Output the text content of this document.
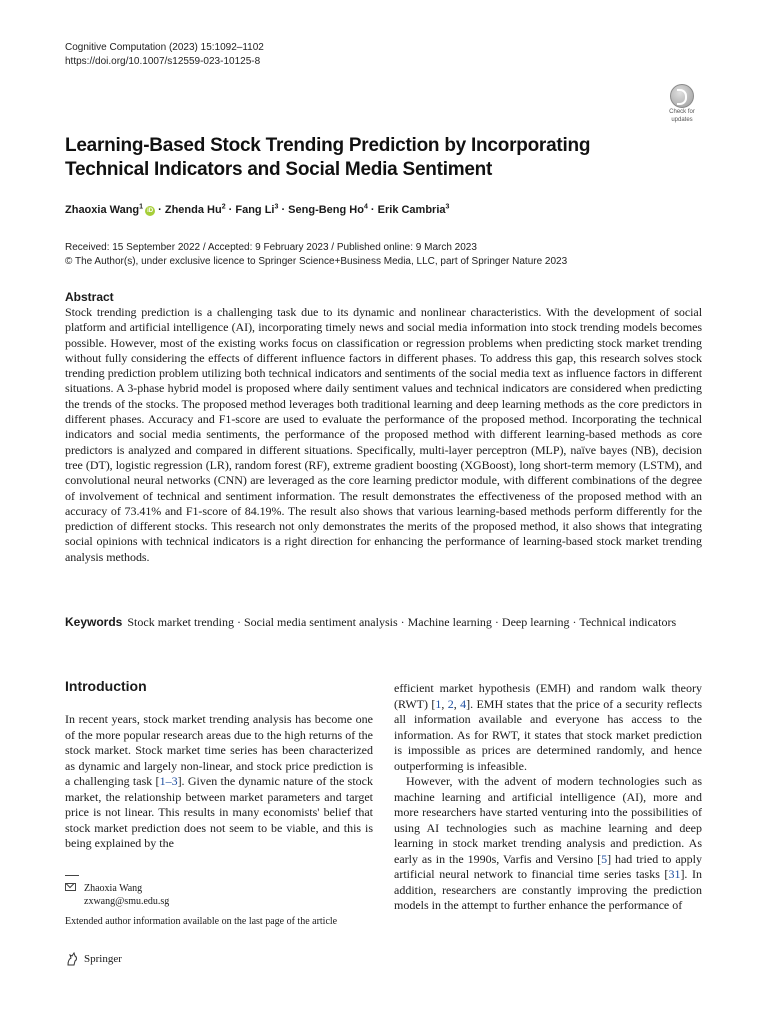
Cognitive Computation (2023) 15:1092–1102
https://doi.org/10.1007/s12559-023-10125-8
Check for
updates
Learning-Based Stock Trending Prediction by Incorporating Technical Indicators and Social Media Sentiment
Zhaoxia Wang$^1$iD · Zhenda $Hu^2$ · Fang $Li^3$ · Seng-Beng $Ho^4$ · Erik Cambria$^3$
Received: 15 September 2022 / Accepted: 9 February 2023 / Published online: 9 March 2023
© The Author(s), under exclusive licence to Springer Science+Business Media, LLC, part of Springer Nature 2023
Abstract
Stock trending prediction is a challenging task due to its dynamic and nonlinear characteristics. With the development of social platform and artificial intelligence (AI), incorporating timely news and social media information into stock trending models becomes possible. However, most of the existing works focus on classification or regression problems when predicting stock market trending without fully considering the effects of different influence factors in different phases. To address this gap, this research solves stock trending prediction problem utilizing both technical indicators and sentiments of the social media text as influence factors in different situations. A 3-phase hybrid model is proposed where daily sentiment values and technical indicators are considered when predicting the trends of the stocks. The proposed method leverages both traditional learning and deep learning methods as the core predictors in different phases. Accuracy and F1-score are used to evaluate the performance of the proposed method. Incorporating the technical indicators and social media sentiments, the performance of the proposed method with different learning-based methods as core predictors is analyzed and compared in different situations. Specifically, multi-layer perceptron (MLP), naïve bayes (NB), decision tree (DT), logistic regression (LR), random forest (RF), extreme gradient boosting (XGBoost), long short-term memory (LSTM), and convolutional neural networks (CNN) are leveraged as the core learning predictor module, with different combinations of the degree of involvement of technical and sentiment information. The result demonstrates the effectiveness of the proposed method with an accuracy of 73.41% and F1-score of 84.19%. The result also shows that various learning-based methods perform differently for the prediction of different stocks. This research not only demonstrates the merits of the proposed method, it also shows that integrating social opinions with technical indicators is a right direction for enhancing the performance of learning-based stock market trending analysis methods.
Keywords Stock market trending · Social media sentiment analysis · Machine learning · Deep learning · Technical indicators
Introduction

In recent years, stock market trending analysis has become one of the more popular research areas due to the high returns of the stock market. Stock market time series has been characterized as dynamic and largely non-linear, and stock price prediction is a challenging task [1–3]. Given the dynamic nature of the stock market, the relationship between market parameters and target price is not linear. This results in many economists' belief that stock market prediction does not seem to be viable, and this is being explained by the

efficient market hypothesis (EMH) and random walk theory (RWT) [1, 2, 4]. EMH states that the price of a security reflects all information available and everyone has access to the information. As for RWT, it states that stock market prediction is impossible as prices are determined randomly, and hence outperforming is infeasible.

However, with the advent of modern technologies such as machine learning and artificial intelligence (AI), more and more researchers have started venturing into the possibilities of using AI technologies such as machine learning and deep learning in stock market trending analysis and prediction. As early as in the 1990s, Varfis and Versino [5] had tried to apply artificial neural network to financial time series tasks [31]. In addition, researchers are constantly improving the prediction models in the attempt to further enhance the performance of

Zhaoxia Wang
zxwang@smu.edu.sg
Extended author information available on the last page of the article
Springer
